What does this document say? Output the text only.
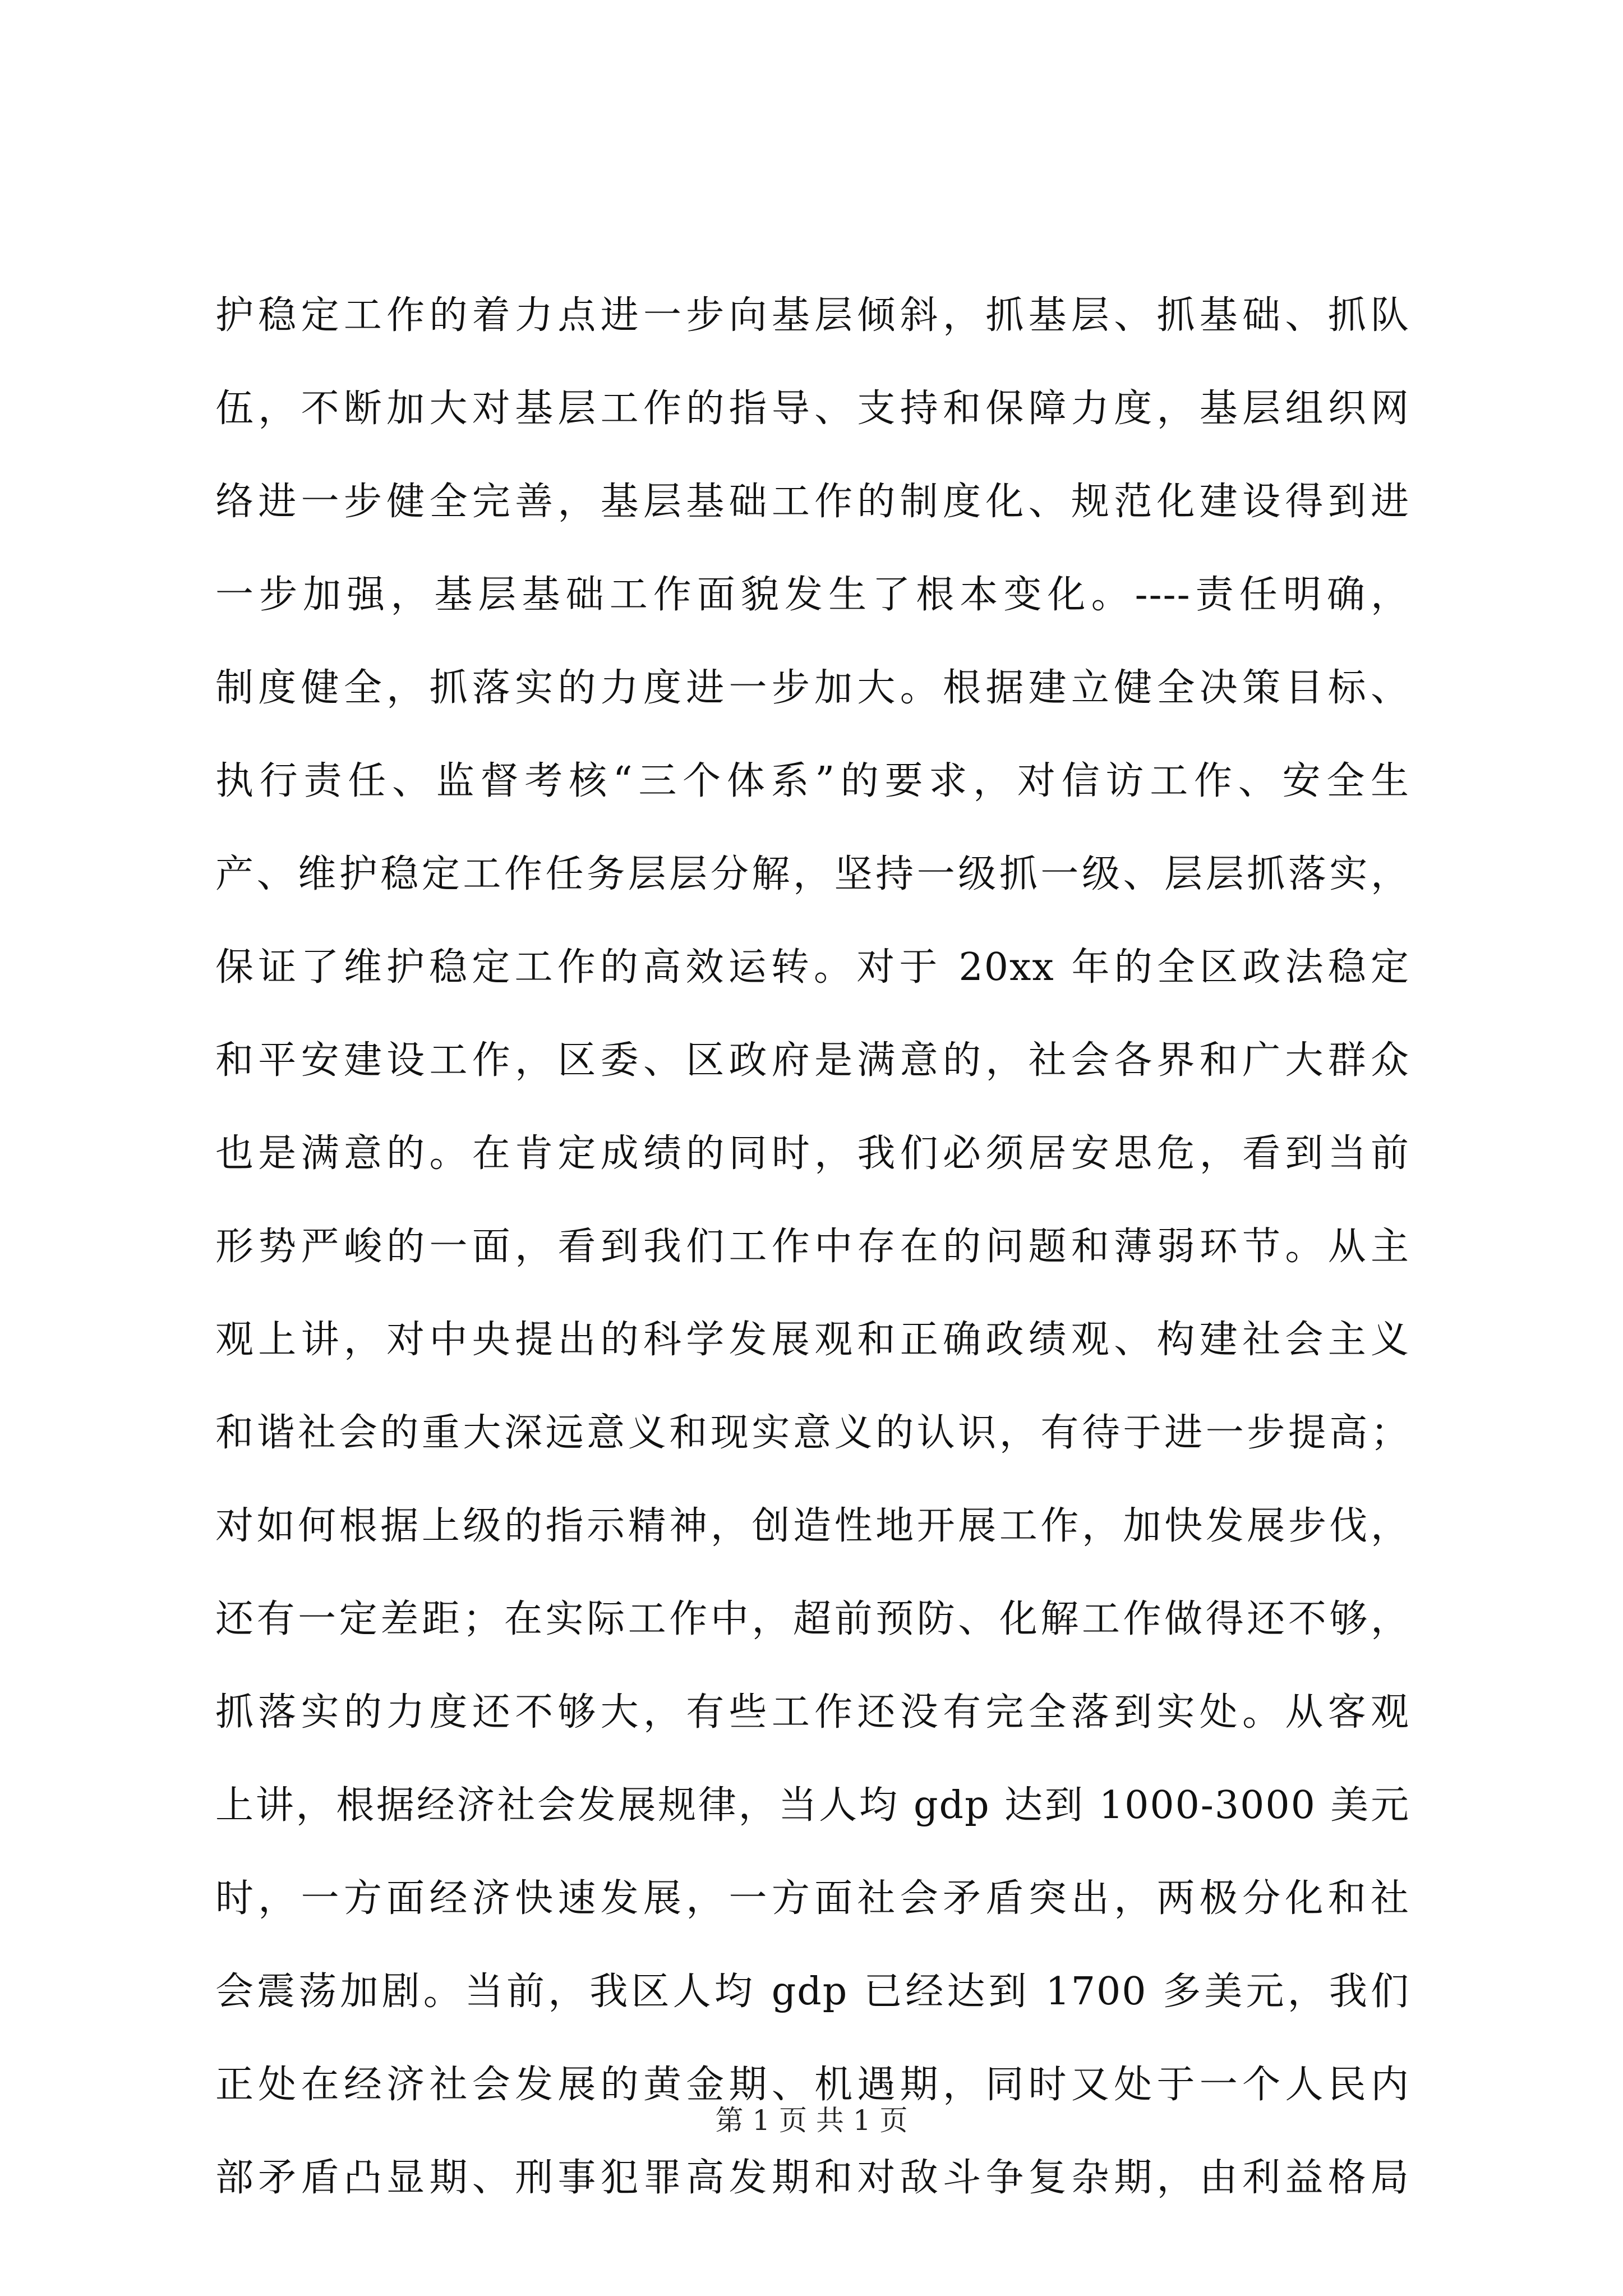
护稳定工作的着力点进一步向基层倾斜，抓基层、抓基础、抓队
伍，不断加大对基层工作的指导、支持和保障力度，基层组织网
络进一步健全完善，基层基础工作的制度化、规范化建设得到进
一步加强，基层基础工作面貌发生了根本变化。----责任明确，
制度健全，抓落实的力度进一步加大。根据建立健全决策目标、
执行责任、监督考核“三个体系”的要求，对信访工作、安全生
产、维护稳定工作任务层层分解，坚持一级抓一级、层层抓落实，
保证了维护稳定工作的高效运转。对于 20xx 年的全区政法稳定
和平安建设工作，区委、区政府是满意的，社会各界和广大群众
也是满意的。在肯定成绩的同时，我们必须居安思危，看到当前
形势严峻的一面，看到我们工作中存在的问题和薄弱环节。从主
观上讲，对中央提出的科学发展观和正确政绩观、构建社会主义
和谐社会的重大深远意义和现实意义的认识，有待于进一步提高；
对如何根据上级的指示精神，创造性地开展工作，加快发展步伐，
还有一定差距；在实际工作中，超前预防、化解工作做得还不够，
抓落实的力度还不够大，有些工作还没有完全落到实处。从客观
上讲，根据经济社会发展规律，当人均 gdp 达到 1000-3000 美元
时，一方面经济快速发展，一方面社会矛盾突出，两极分化和社
会震荡加剧。当前，我区人均 gdp 已经达到 1700 多美元，我们
正处在经济社会发展的黄金期、机遇期，同时又处于一个人民内
部矛盾凸显期、刑事犯罪高发期和对敌斗争复杂期，由利益格局
第 1 页 共 1 页
